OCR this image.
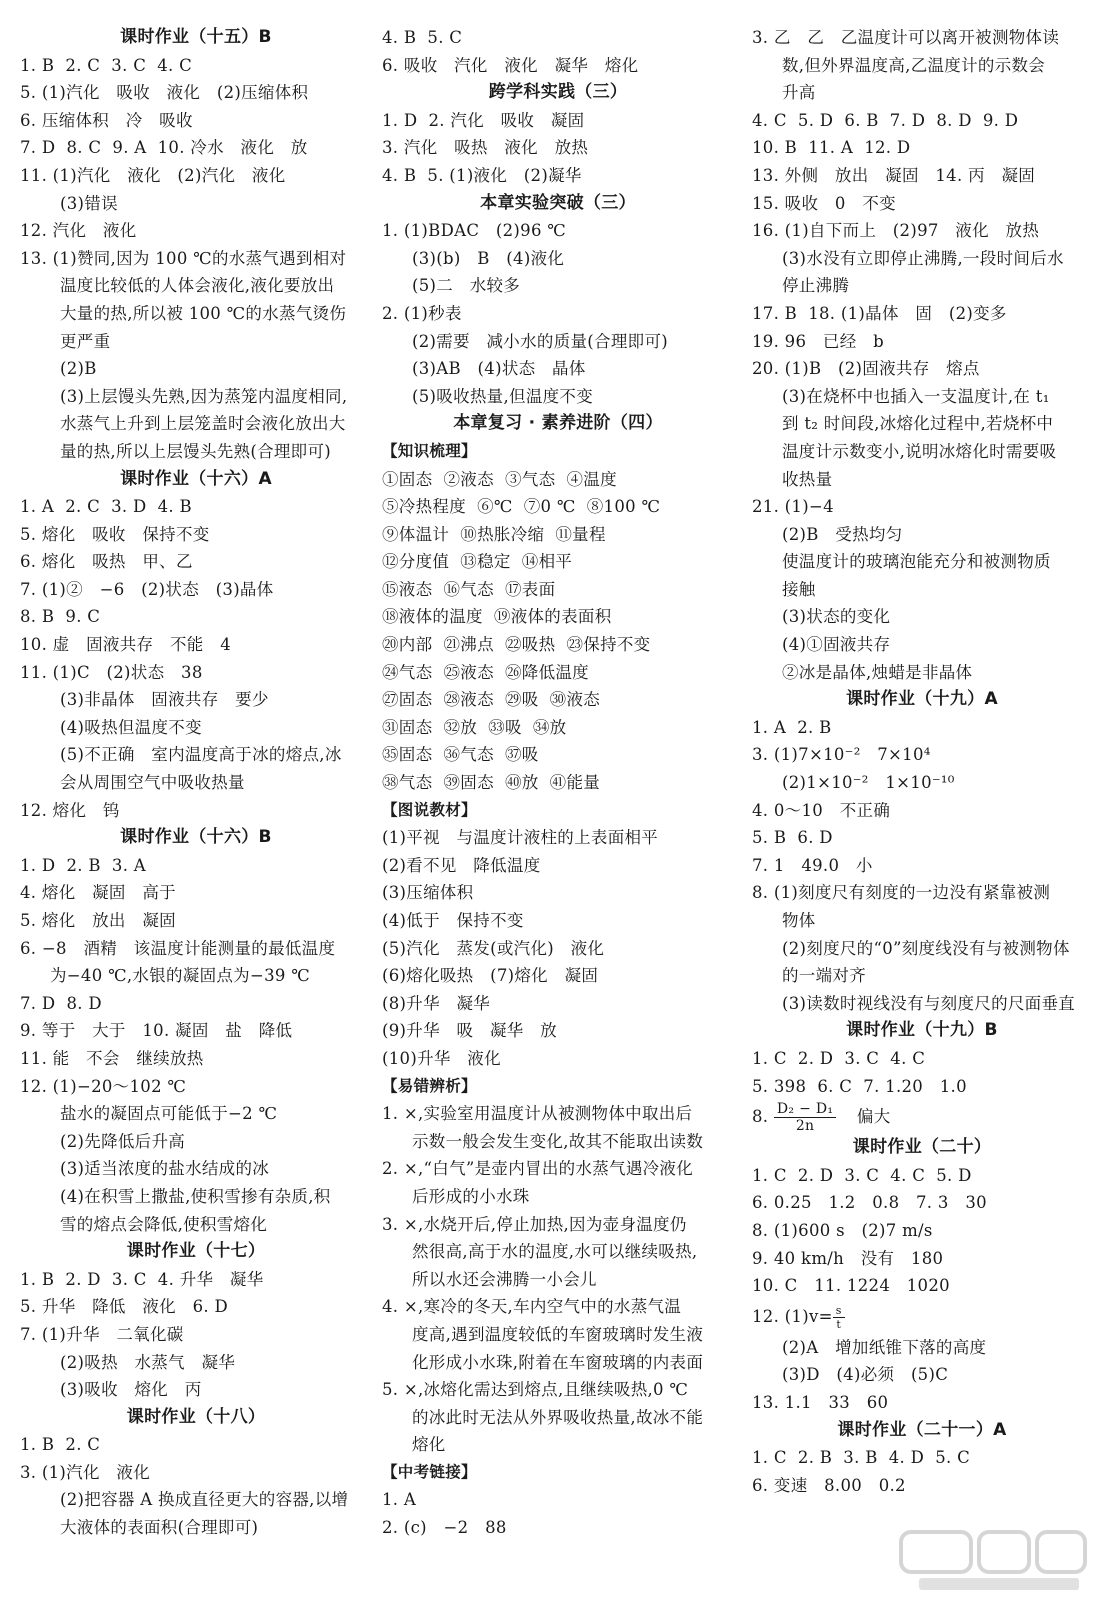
课时作业（十五）B
1. B  2. C  3. C  4. C
5. (1)汽化   吸收   液化   (2)压缩体积
6. 压缩体积   冷   吸收
7. D  8. C  9. A  10. 冷水   液化   放
11. (1)汽化   液化   (2)汽化   液化
(3)错误
12. 汽化   液化
13. (1)赞同,因为 100 ℃的水蒸气遇到相对
温度比较低的人体会液化,液化要放出
大量的热,所以被 100 ℃的水蒸气烫伤
更严重
(2)B
(3)上层馒头先熟,因为蒸笼内温度相同,
水蒸气上升到上层笼盖时会液化放出大
量的热,所以上层馒头先熟(合理即可)
课时作业（十六）A
1. A  2. C  3. D  4. B
5. 熔化   吸收   保持不变
6. 熔化   吸热   甲、乙
7. (1)②   −6   (2)状态   (3)晶体
8. B  9. C
10. 虚   固液共存   不能   4
11. (1)C   (2)状态   38
(3)非晶体   固液共存   要少
(4)吸热但温度不变
(5)不正确   室内温度高于冰的熔点,冰
会从周围空气中吸收热量
12. 熔化   钨
课时作业（十六）B
1. D  2. B  3. A
4. 熔化   凝固   高于
5. 熔化   放出   凝固
6. −8   酒精   该温度计能测量的最低温度
为−40 ℃,水银的凝固点为−39 ℃
7. D  8. D
9. 等于   大于   10. 凝固   盐   降低
11. 能   不会   继续放热
12. (1)−20～102 ℃
盐水的凝固点可能低于−2 ℃
(2)先降低后升高
(3)适当浓度的盐水结成的冰
(4)在积雪上撒盐,使积雪掺有杂质,积
雪的熔点会降低,使积雪熔化
课时作业（十七）
1. B  2. D  3. C  4. 升华   凝华
5. 升华   降低   液化   6. D
7. (1)升华   二氧化碳
(2)吸热   水蒸气   凝华
(3)吸收   熔化   丙
课时作业（十八）
1. B  2. C
3. (1)汽化   液化
(2)把容器 A 换成直径更大的容器,以增
大液体的表面积(合理即可)
4. B  5. C
6. 吸收   汽化   液化   凝华   熔化
跨学科实践（三）
1. D  2. 汽化   吸收   凝固
3. 汽化   吸热   液化   放热
4. B  5. (1)液化   (2)凝华
本章实验突破（三）
1. (1)BDAC   (2)96 ℃
(3)(b)   B   (4)液化
(5)二   水较多
2. (1)秒表
(2)需要   减小水的质量(合理即可)
(3)AB   (4)状态   晶体
(5)吸收热量,但温度不变
本章复习 · 素养进阶（四）
【知识梳理】
①固态  ②液态  ③气态  ④温度
⑤冷热程度  ⑥℃  ⑦0 ℃  ⑧100 ℃
⑨体温计  ⑩热胀冷缩  ⑪量程
⑫分度值  ⑬稳定  ⑭相平
⑮液态  ⑯气态  ⑰表面
⑱液体的温度  ⑲液体的表面积
⑳内部  ㉑沸点  ㉒吸热  ㉓保持不变
㉔气态  ㉕液态  ㉖降低温度
㉗固态  ㉘液态  ㉙吸  ㉚液态
㉛固态  ㉜放  ㉝吸  ㉞放
㉟固态  ㊱气态  ㊲吸
㊳气态  ㊴固态  ㊵放  ㊶能量
【图说教材】
(1)平视   与温度计液柱的上表面相平
(2)看不见   降低温度
(3)压缩体积
(4)低于   保持不变
(5)汽化   蒸发(或汽化)   液化
(6)熔化吸热   (7)熔化   凝固
(8)升华   凝华
(9)升华   吸   凝华   放
(10)升华   液化
【易错辨析】
1. ×,实验室用温度计从被测物体中取出后
示数一般会发生变化,故其不能取出读数
2. ×,“白气”是壶内冒出的水蒸气遇冷液化
后形成的小水珠
3. ×,水烧开后,停止加热,因为壶身温度仍
然很高,高于水的温度,水可以继续吸热,
所以水还会沸腾一小会儿
4. ×,寒冷的冬天,车内空气中的水蒸气温
度高,遇到温度较低的车窗玻璃时发生液
化形成小水珠,附着在车窗玻璃的内表面
5. ×,冰熔化需达到熔点,且继续吸热,0 ℃
的冰此时无法从外界吸收热量,故冰不能
熔化
【中考链接】
1. A
2. (c)   −2   88
3. 乙   乙   乙温度计可以离开被测物体读
数,但外界温度高,乙温度计的示数会
升高
4. C  5. D  6. B  7. D  8. D  9. D
10. B  11. A  12. D
13. 外侧   放出   凝固   14. 丙   凝固
15. 吸收   0   不变
16. (1)自下而上   (2)97   液化   放热
(3)水没有立即停止沸腾,一段时间后水
停止沸腾
17. B  18. (1)晶体   固   (2)变多
19. 96   已经   b
20. (1)B   (2)固液共存   熔点
(3)在烧杯中也插入一支温度计,在 t₁
到 t₂ 时间段,冰熔化过程中,若烧杯中
温度计示数变小,说明冰熔化时需要吸
收热量
21. (1)−4
(2)B   受热均匀
使温度计的玻璃泡能充分和被测物质
接触
(3)状态的变化
(4)①固液共存
②冰是晶体,烛蜡是非晶体
课时作业（十九）A
1. A  2. B
3. (1)7×10⁻²   7×10⁴
(2)1×10⁻²   1×10⁻¹⁰
4. 0～10   不正确
5. B  6. D
7. 1   49.0   小
8. (1)刻度尺有刻度的一边没有紧靠被测
物体
(2)刻度尺的“0”刻度线没有与被测物体
的一端对齐
(3)读数时视线没有与刻度尺的尺面垂直
课时作业（十九）B
1. C  2. D  3. C  4. C
5. 398  6. C  7. 1.20   1.0
8. $\frac{\text{D₂ − D₁}}{2n}$ 偏大
课时作业（二十）
1. C  2. D  3. C  4. C  5. D
6. 0.25   1.2   0.8   7. 3   30
8. (1)600 s   (2)7 m/s
9. 40 km/h   没有   180
10. C   11. 1224   1020
12. $(1)v= \frac{s}{t}$
(2)A   增加纸锥下落的高度
(3)D   (4)必须   (5)C
13. 1.1   33   60
课时作业（二十一）A
1. C  2. B  3. B  4. D  5. C
6. 变速   8.00   0.2
